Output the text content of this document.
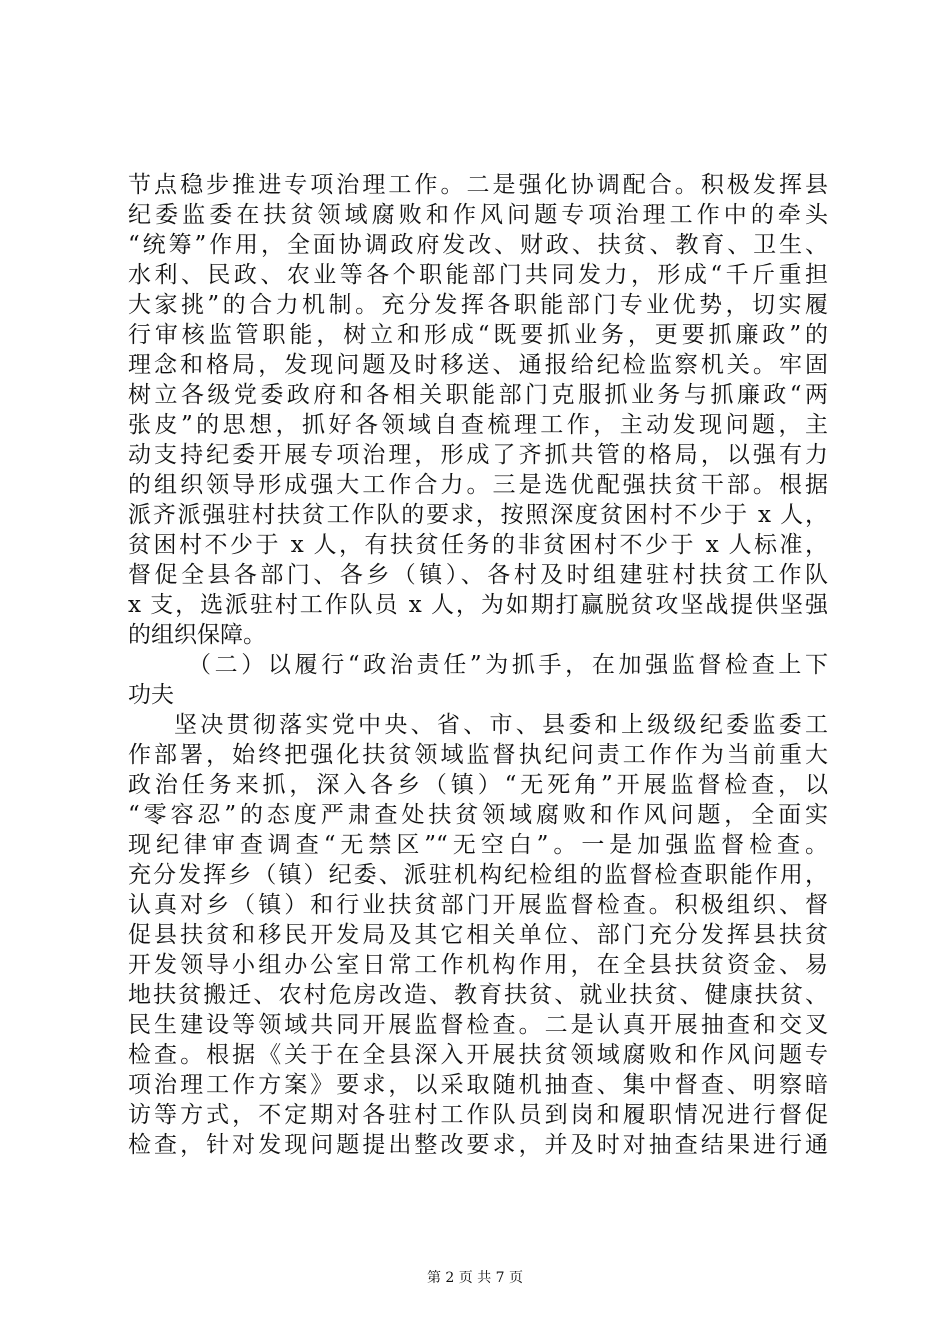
节点稳步推进专项治理工作。二是强化协调配合。积极发挥县
纪委监委在扶贫领域腐败和作风问题专项治理工作中的牵头
“统筹”作用，全面协调政府发改、财政、扶贫、教育、卫生、
水利、民政、农业等各个职能部门共同发力，形成“千斤重担
大家挑”的合力机制。充分发挥各职能部门专业优势，切实履
行审核监管职能，树立和形成“既要抓业务，更要抓廉政”的
理念和格局，发现问题及时移送、通报给纪检监察机关。牢固
树立各级党委政府和各相关职能部门克服抓业务与抓廉政“两
张皮”的思想，抓好各领域自查梳理工作，主动发现问题，主
动支持纪委开展专项治理，形成了齐抓共管的格局，以强有力
的组织领导形成强大工作合力。三是选优配强扶贫干部。根据
派齐派强驻村扶贫工作队的要求，按照深度贫困村不少于 x 人，
贫困村不少于 x 人，有扶贫任务的非贫困村不少于 x 人标准，
督促全县各部门、各乡（镇）、各村及时组建驻村扶贫工作队
x 支，选派驻村工作队员 x 人，为如期打赢脱贫攻坚战提供坚强
的组织保障。
（二）以履行“政治责任”为抓手，在加强监督检查上下
功夫
坚决贯彻落实党中央、省、市、县委和上级级纪委监委工
作部署，始终把强化扶贫领域监督执纪问责工作作为当前重大
政治任务来抓，深入各乡（镇）“无死角”开展监督检查，以
“零容忍”的态度严肃查处扶贫领域腐败和作风问题，全面实
现纪律审查调查“无禁区”“无空白”。一是加强监督检查。
充分发挥乡（镇）纪委、派驻机构纪检组的监督检查职能作用，
认真对乡（镇）和行业扶贫部门开展监督检查。积极组织、督
促县扶贫和移民开发局及其它相关单位、部门充分发挥县扶贫
开发领导小组办公室日常工作机构作用，在全县扶贫资金、易
地扶贫搬迁、农村危房改造、教育扶贫、就业扶贫、健康扶贫、
民生建设等领域共同开展监督检查。二是认真开展抽查和交叉
检查。根据《关于在全县深入开展扶贫领域腐败和作风问题专
项治理工作方案》要求，以采取随机抽查、集中督查、明察暗
访等方式，不定期对各驻村工作队员到岗和履职情况进行督促
检查，针对发现问题提出整改要求，并及时对抽查结果进行通
第 2 页 共 7 页
